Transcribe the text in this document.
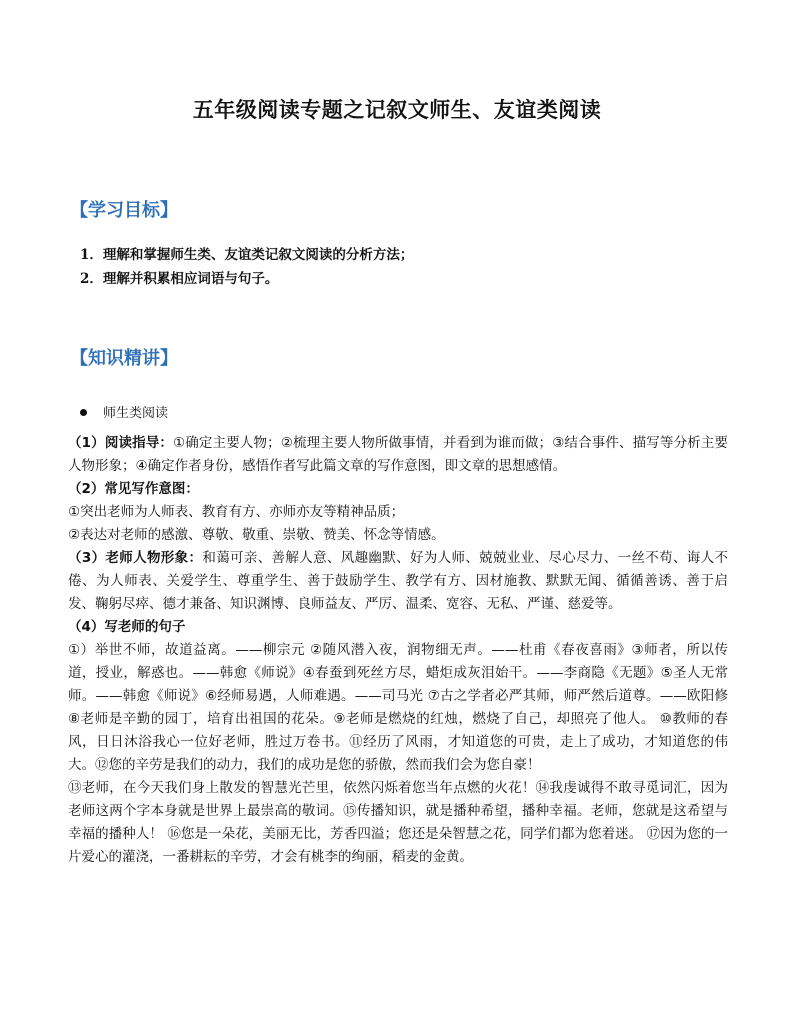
五年级阅读专题之记叙文师生、友谊类阅读
【学习目标】
1．理解和掌握师生类、友谊类记叙文阅读的分析方法；
2．理解并积累相应词语与句子。
【知识精讲】
师生类阅读

（1）阅读指导：①确定主要人物；②梳理主要人物所做事情，并看到为谁而做；③结合事件、描写等分析主要人物形象；④确定作者身份，感悟作者写此篇文章的写作意图，即文章的思想感情。

（2）常见写作意图：

①突出老师为人师表、教育有方、亦师亦友等精神品质；

②表达对老师的感激、尊敬、敬重、崇敬、赞美、怀念等情感。

（3）老师人物形象：和蔼可亲、善解人意、风趣幽默、好为人师、兢兢业业、尽心尽力、一丝不苟、诲人不倦、为人师表、关爱学生、尊重学生、善于鼓励学生、教学有方、因材施教、默默无闻、循循善诱、善于启发、鞠躬尽瘁、德才兼备、知识渊博、良师益友、严厉、温柔、宽容、无私、严谨、慈爱等。

（4）写老师的句子

①）举世不师，故道益离。——柳宗元 ②随风潜入夜，润物细无声。——杜甫《春夜喜雨》③师者，所以传道，授业，解惑也。——韩愈《师说》④春蚕到死丝方尽，蜡炬成灰泪始干。——李商隐《无题》⑤圣人无常师。——韩愈《师说》⑥经师易遇，人师难遇。——司马光 ⑦古之学者必严其师，师严然后道尊。——欧阳修 ⑧老师是辛勤的园丁，培育出祖国的花朵。⑨老师是燃烧的红烛，燃烧了自己，却照亮了他人。 ⑩教师的春风，日日沐浴我心一位好老师，胜过万卷书。⑪经历了风雨，才知道您的可贵，走上了成功，才知道您的伟大。⑫您的辛劳是我们的动力，我们的成功是您的骄傲，然而我们会为您自豪！

⑬老师，在今天我们身上散发的智慧光芒里，依然闪烁着您当年点燃的火花！⑭我虔诚得不敢寻觅词汇，因为老师这两个字本身就是世界上最崇高的敬词。⑮传播知识，就是播种希望，播种幸福。老师，您就是这希望与幸福的播种人！ ⑯您是一朵花，美丽无比，芳香四溢；您还是朵智慧之花，同学们都为您着迷。 ⑰因为您的一片爱心的灌浇，一番耕耘的辛劳，才会有桃李的绚丽，稻麦的金黄。
